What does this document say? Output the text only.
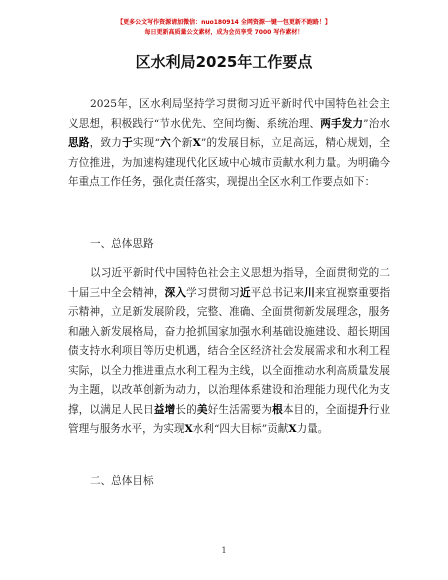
【更多公文写作资源请加微信：nuo180914 全网资源一键一包更新不跑路！】
每日更新高质量公文素材，成为会员享受 7000 写作素材！
区水利局2025年工作要点
2025年，区水利局坚持学习贯彻习近平新时代中国特色社会主义思想，积极践行“节水优先、空间均衡、系统治理、两手发力”治水思路，致力于实现“六个新X”的发展目标，立足高远，精心规划，全方位推进，为加速构建现代化区域中心城市贡献水利力量。为明确今年重点工作任务，强化责任落实，现提出全区水利工作要点如下：
一、总体思路
以习近平新时代中国特色社会主义思想为指导，全面贯彻党的二十届三中全会精神，深入学习贯彻习近平总书记来川来宜视察重要指示精神，立足新发展阶段，完整、准确、全面贯彻新发展理念，服务和融入新发展格局，奋力抢抓国家加强水利基础设施建设、超长期国债支持水利项目等历史机遇，结合全区经济社会发展需求和水利工程实际，以全力推进重点水利工程为主线，以全面推动水利高质量发展为主题，以改革创新为动力，以治理体系建设和治理能力现代化为支撑，以满足人民日益增长的美好生活需要为根本目的，全面提升行业管理与服务水平，为实现X水利“四大目标”贡献X力量。
二、总体目标
1
